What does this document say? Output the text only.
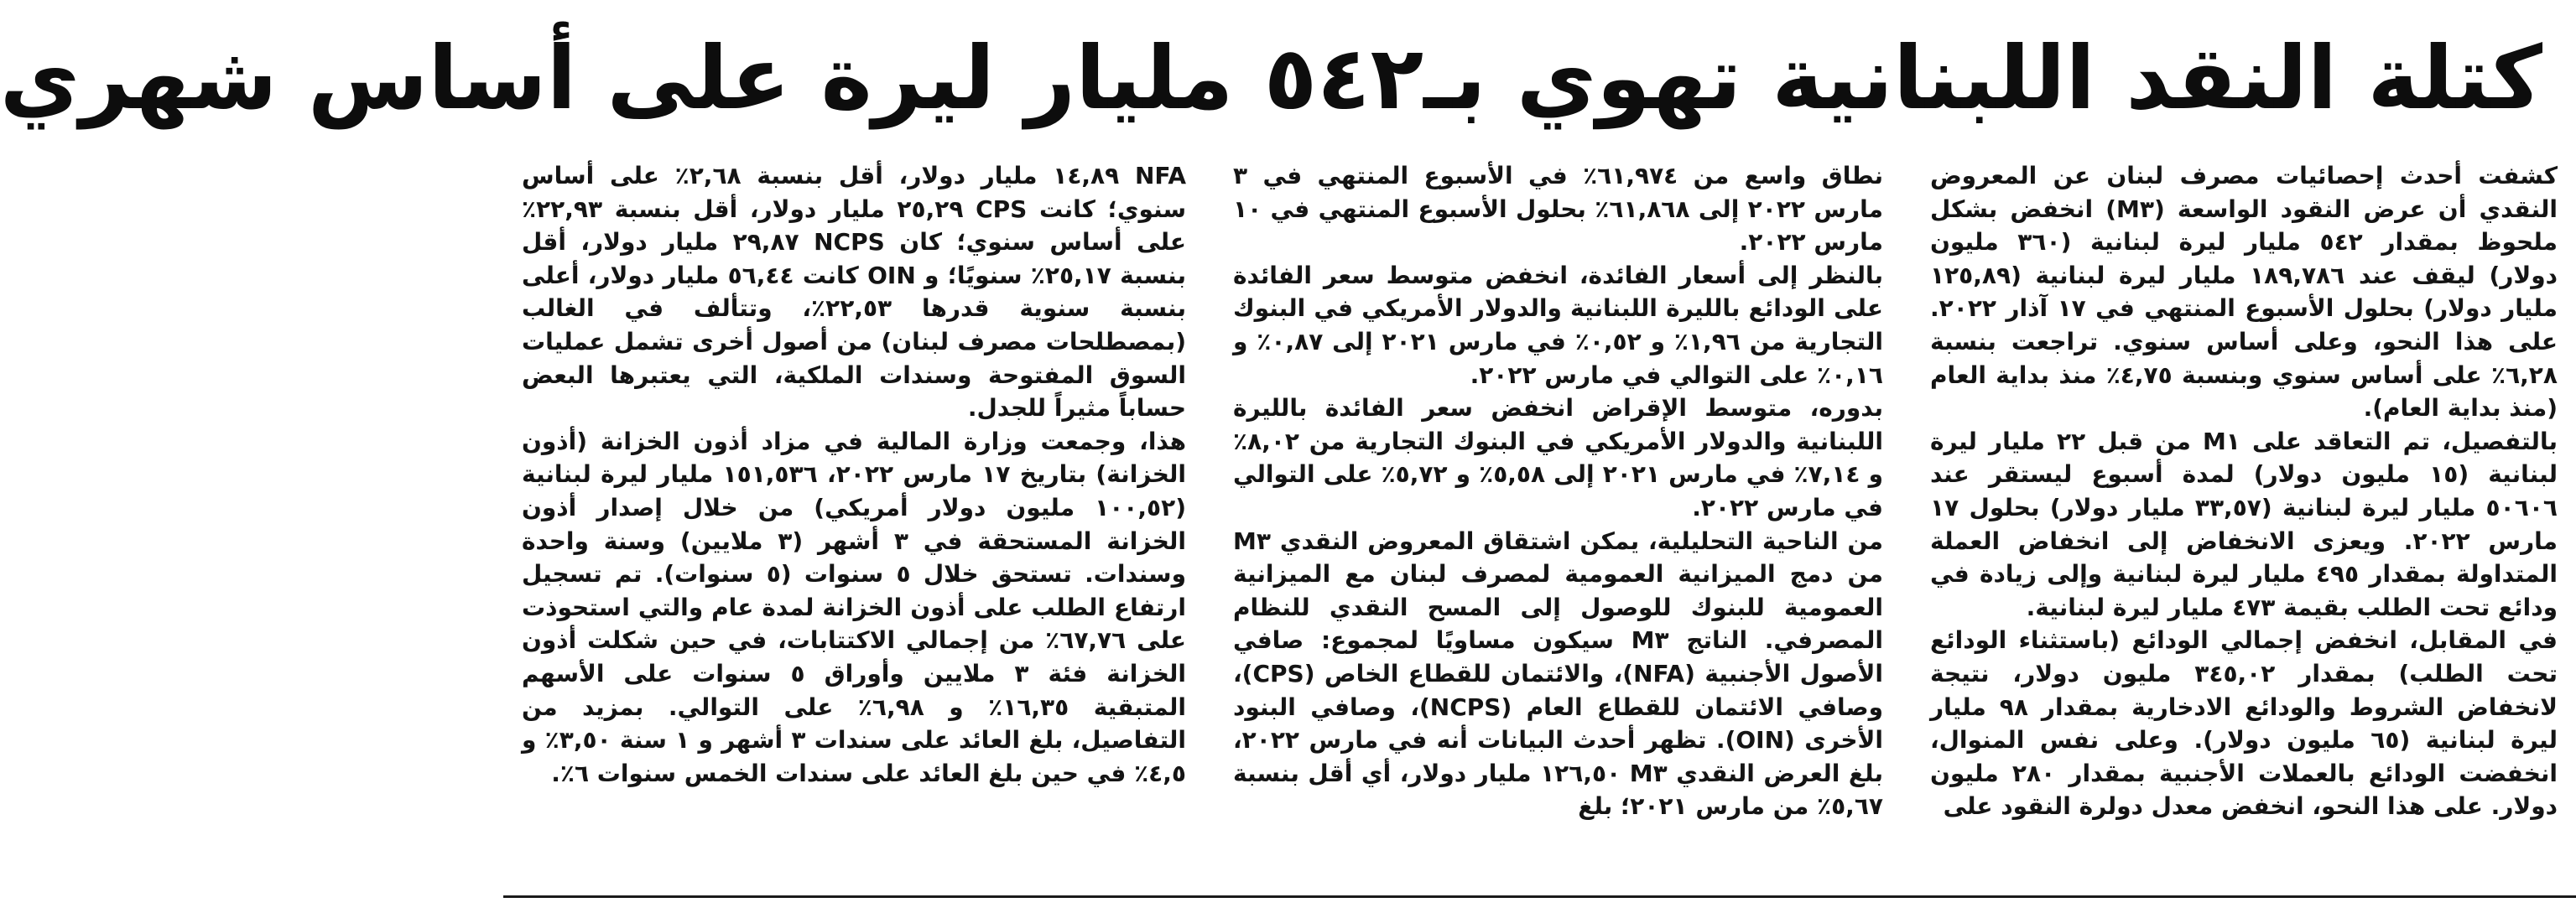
كتلة النقد اللبنانية تهوي بـ٥٤٢ مليار ليرة على أساس شهري

كشفت أحدث إحصائيات مصرف لبنان عن المعروض النقدي أن عرض النقود الواسعة (M٣) انخفض بشكل ملحوظ بمقدار ٥٤٢ مليار ليرة لبنانية (٣٦٠ مليون دولار) ليقف عند ١٨٩,٧٨٦ مليار ليرة لبنانية (١٢٥,٨٩ مليار دولار) بحلول الأسبوع المنتهي في ١٧ آذار ٢٠٢٢. على هذا النحو، وعلى أساس سنوي. تراجعت بنسبة ٦,٢٨٪ على أساس سنوي وبنسبة ٤,٧٥٪ منذ بداية العام (منذ بداية العام).

بالتفصيل، تم التعاقد على M١ من قبل ٢٢ مليار ليرة لبنانية (١٥ مليون دولار) لمدة أسبوع ليستقر عند ٥٠٦٠٦ مليار ليرة لبنانية (٣٣,٥٧ مليار دولار) بحلول ١٧ مارس ٢٠٢٢. ويعزى الانخفاض إلى انخفاض العملة المتداولة بمقدار ٤٩٥ مليار ليرة لبنانية وإلى زيادة في ودائع تحت الطلب بقيمة ٤٧٣ مليار ليرة لبنانية.

في المقابل، انخفض إجمالي الودائع (باستثناء الودائع تحت الطلب) بمقدار ٣٤٥,٠٢ مليون دولار، نتيجة لانخفاض الشروط والودائع الادخارية بمقدار ٩٨ مليار ليرة لبنانية (٦٥ مليون دولار). وعلى نفس المنوال، انخفضت الودائع بالعملات الأجنبية بمقدار ٢٨٠ مليون دولار. على هذا النحو، انخفض معدل دولرة النقود على

نطاق واسع من ٦١,٩٧٤٪ في الأسبوع المنتهي في ٣ مارس ٢٠٢٢ إلى ٦١,٨٦٨٪ بحلول الأسبوع المنتهي في ١٠ مارس ٢٠٢٢.

بالنظر إلى أسعار الفائدة، انخفض متوسط سعر الفائدة على الودائع بالليرة اللبنانية والدولار الأمريكي في البنوك التجارية من ١,٩٦٪ و ٠,٥٢٪ في مارس ٢٠٢١ إلى ٠,٨٧٪ و ٠,١٦٪ على التوالي في مارس ٢٠٢٢.

بدوره، متوسط الإقراض انخفض سعر الفائدة بالليرة اللبنانية والدولار الأمريكي في البنوك التجارية من ٨,٠٢٪ و ٧,١٤٪ في مارس ٢٠٢١ إلى ٥,٥٨٪ و ٥,٧٢٪ على التوالي في مارس ٢٠٢٢.

من الناحية التحليلية، يمكن اشتقاق المعروض النقدي M٣ من دمج الميزانية العمومية لمصرف لبنان مع الميزانية العمومية للبنوك للوصول إلى المسح النقدي للنظام المصرفي. الناتج M٣ سيكون مساويًا لمجموع: صافي الأصول الأجنبية (NFA)، والائتمان للقطاع الخاص (CPS)، وصافي الائتمان للقطاع العام (NCPS)، وصافي البنود الأخرى (OIN). تظهر أحدث البيانات أنه في مارس ٢٠٢٢، بلغ العرض النقدي M٣ ١٢٦,٥٠ مليار دولار، أي أقل بنسبة ٥,٦٧٪ من مارس ٢٠٢١؛ بلغ

NFA ١٤,٨٩ مليار دولار، أقل بنسبة ٢,٦٨٪ على أساس سنوي؛ كانت CPS ٢٥,٢٩ مليار دولار، أقل بنسبة ٢٢,٩٣٪ على أساس سنوي؛ كان NCPS ٢٩,٨٧ مليار دولار، أقل بنسبة ٢٥,١٧٪ سنويًا؛ و OIN كانت ٥٦,٤٤ مليار دولار، أعلى بنسبة سنوية قدرها ٢٢,٥٣٪، وتتألف في الغالب (بمصطلحات مصرف لبنان) من أصول أخرى تشمل عمليات السوق المفتوحة وسندات الملكية، التي يعتبرها البعض حساباً مثيراً للجدل.

هذا، وجمعت وزارة المالية في مزاد أذون الخزانة (أذون الخزانة) بتاريخ ١٧ مارس ٢٠٢٢، ١٥١,٥٣٦ مليار ليرة لبنانية (١٠٠,٥٢ مليون دولار أمريكي) من خلال إصدار أذون الخزانة المستحقة في ٣ أشهر (٣ ملايين) وسنة واحدة وسندات. تستحق خلال ٥ سنوات (٥ سنوات). تم تسجيل ارتفاع الطلب على أذون الخزانة لمدة عام والتي استحوذت على ٦٧,٧٦٪ من إجمالي الاكتتابات، في حين شكلت أذون الخزانة فئة ٣ ملايين وأوراق ٥ سنوات على الأسهم المتبقية ١٦,٣٥٪ و ٦,٩٨٪ على التوالي. بمزيد من التفاصيل، بلغ العائد على سندات ٣ أشهر و ١ سنة ٣,٥٠٪ و ٤,٥٪ في حين بلغ العائد على سندات الخمس سنوات ٦٪.
